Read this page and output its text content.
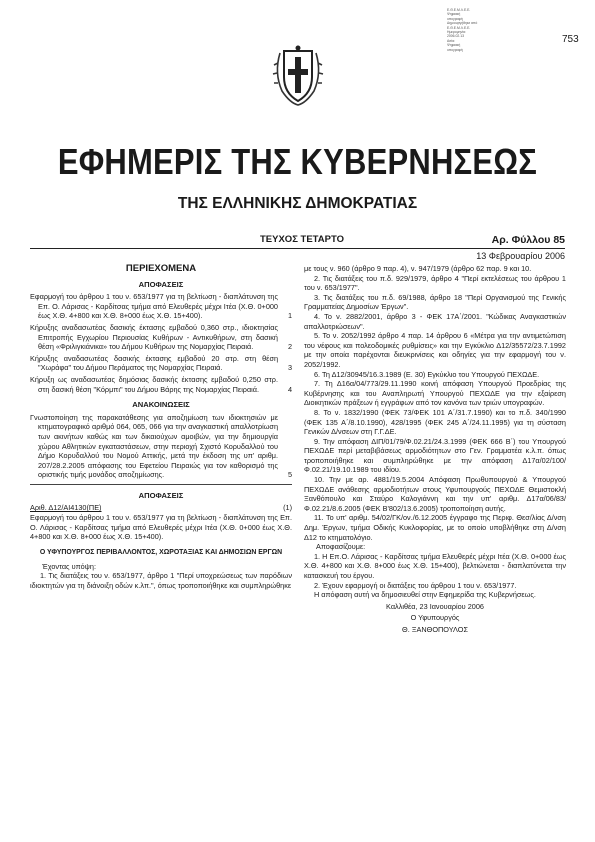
Ε.Θ.Ε.Μ.Λ.Ε.Ε.
Ψηφιακή
υπογραφή
Δημιουργήθηκε από
Ε.Θ.Ε.Μ.Λ.Ε.Ε.
Ημερομηνία:
2006.02.13
Αιτία:
Ψηφιακή
υπογραφή
753
ΕΦΗΜΕΡΙΣ ΤΗΣ ΚΥΒΕΡΝΗΣΕΩΣ
ΤΗΣ ΕΛΛΗΝΙΚΗΣ ΔΗΜΟΚΡΑΤΙΑΣ
ΤΕΥΧΟΣ ΤΕΤΑΡΤΟ	Αρ. Φύλλου 85
13 Φεβρουαρίου 2006
ΠΕΡΙΕΧΟΜΕΝΑ
ΑΠΟΦΑΣΕΙΣ
Εφαρμογή του άρθρου 1 του ν. 653/1977 για τη βελτίωση - διαπλάτυνση της Επ. Ο. Λάρισας - Καρδίτσας τμήμα από Ελευθερές μέχρι Ιτέα (Χ.Θ. 0+000 έως Χ.Θ. 4+800 και Χ.Θ. 8+000 έως Χ.Θ. 15+400).	1
Κήρυξης αναδασωτέας δασικής έκτασης εμβαδού 0,360 στρ., ιδιοκτησίας Επιτροπής Εγχωρίου Περιουσίας Κυθήρων - Αντικυθήρων, στη δασική θέση «Φριλιγκιάνικα» του Δήμου Κυθήρων της Νομαρχίας Πειραιά.	2
Κήρυξης αναδασωτέας δασικής έκτασης εμβαδού 20 στρ. στη θέση "Χωράφα" του Δήμου Περάματος της Νομαρχίας Πειραιά.	3
Κήρυξη ως αναδασωτέας δημόσιας δασικής έκτασης εμβαδού 0,250 στρ. στη δασική θέση "Κόρμπι" του Δήμου Βάρης της Νομαρχίας Πειραιά.	4
ΑΝΑΚΟΙΝΩΣΕΙΣ
Γνωστοποίηση της παρακατάθεσης για αποζημίωση των ιδιοκτησιών με κτηματογραφικό αριθμό 064, 065, 066 για την αναγκαστική απαλλοτρίωση των ακινήτων καθώς και των δικαιούχων αμοιβών, για την δημιουργία χώρου Αθλητικών εγκαταστάσεων, στην περιοχή Σχιστό Κορυδαλλού του Δήμο Κορυδαλλού του Νομού Αττικής, μετά την έκδοση της υπ' αριθμ. 207/28.2.2005 απόφασης του Εφετείου Πειραιώς για τον καθορισμό της οριστικής τιμής μονάδος αποζημίωσης.	5
ΑΠΟΦΑΣΕΙΣ
Αριθ. Δ12/ΑΙ4130(ΠΕ)	(1)

Εφαρμογή του άρθρου 1 του ν. 653/1977 για τη βελτίωση - διαπλάτυνση της Επ. Ο. Λάρισας - Καρδίτσας τμήμα από Ελευθερές μέχρι Ιτέα (Χ.Θ. 0+000 έως Χ.Θ. 4+800 και Χ.Θ. 8+000 έως Χ.Θ. 15+400).

Ο ΥΦΥΠΟΥΡΓΟΣ ΠΕΡΙΒΑΛΛΟΝΤΟΣ, ΧΩΡΟΤΑΞΙΑΣ ΚΑΙ ΔΗΜΟΣΙΩΝ ΕΡΓΩΝ

Έχοντας υπόψη:

1. Τις διατάξεις του ν. 653/1977, άρθρο 1 "Περί υποχρεώσεως των παρόδιων ιδιοκτητών για τη διάνοιξη οδών κ.λπ.", όπως τροποποιήθηκε και συμπληρώθηκε

με τους ν. 960 (άρθρο 9 παρ. 4), ν. 947/1979 (άρθρο 62 παρ. 9 και 10.

2. Τις διατάξεις του π.δ. 929/1979, άρθρο 4 "Περί εκτελέσεως του άρθρου 1 του ν. 653/1977".

3. Τις διατάξεις του π.δ. 69/1988, άρθρο 18 "Περί Οργανισμού της Γενικής Γραμματείας Δημοσίων Έργων".

4. Το ν. 2882/2001, άρθρο 3 - ΦΕΚ 17Α΄/2001. "Κώδικας Αναγκαστικών απαλλοτριώσεων".

5. Το ν. 2052/1992 άρθρο 4 παρ. 14 άρθρου 6 «Μέτρα για την αντιμετώπιση του νέφους και πολεοδομικές ρυθμίσεις» και την Εγκύκλιο Δ12/35572/23.7.1992 με την οποία παρέχονται διευκρινίσεις και οδηγίες για την εφαρμογή του ν. 2052/1992.

6. Τη Δ12/30945/16.3.1989 (Ε. 30) Εγκύκλιο του Υπουργού ΠΕΧΩΔΕ.

7. Τη Δ16α/04/773/29.11.1990 κοινή απόφαση Υπουργού Προεδρίας της Κυβέρνησης και του Αναπληρωτή Υπουργού ΠΕΧΩΔΕ για την εξαίρεση Διοικητικών πράξεων ή εγγράφων από τον κανόνα των τριών υπογραφών.

8. Το ν. 1832/1990 (ΦΕΚ 73/ΦΕΚ 101 Α΄/31.7.1990) και το π.δ. 340/1990 (ΦΕΚ 135 Α΄/8.10.1990), 428/1995 (ΦΕΚ 245 Α΄/24.11.1995) για τη σύσταση Γενικών Δ/νσεων στη Γ.Γ.ΔΕ.

9. Την απόφαση ΔΙΠ/01/79/Φ.02.21/24.3.1999 (ΦΕΚ 666 Β΄) του Υπουργού ΠΕΧΩΔΕ περί μεταβιβάσεως αρμοδιότητων στο Γεν. Γραμματέα κ.λ.π. όπως τροποποιήθηκε και συμπληρώθηκε με την απόφαση Δ17α/02/100/Φ.02.21/19.10.1989 του ιδίου.

10. Την με αρ. 4881/19.5.2004 Απόφαση Πρωθυπουργού & Υπουργού ΠΕΧΩΔΕ ανάθεσης αρμοδιοτήτων στους Υφυπουργούς ΠΕΧΩΔΕ Θεμιστοκλή Ξανθόπουλο και Σταύρο Καλογιάννη και την υπ' αριθμ. Δ17α/06/83/Φ.02.21/8.6.2005 (ΦΕΚ Β'802/13.6.2005) τροποποίηση αυτής.

11. Το υπ' αριθμ. 54/02/ΓΚ/ον./6.12.2005 έγγραφο της Περιφ. Θεσ/λίας Δ/νση Δημ. Έργων, τμήμα Οδικής Κυκλοφορίας, με το οποίο υποβλήθηκε στη Δ/νση Δ12 το κτηματολόγιο.

Αποφασίζουμε:

1. Η Επ.Ο. Λάρισας - Καρδίτσας τμήμα Ελευθερές μέχρι Ιτέα (Χ.Θ. 0+000 έως Χ.Θ. 4+800 και Χ.Θ. 8+000 έως Χ.Θ. 15+400), βελτιώνεται - διαπλατύνεται την κατασκευή του έργου.

2. Έχουν εφαρμογή οι διατάξεις του άρθρου 1 του ν. 653/1977.

Η απόφαση αυτή να δημοσιευθεί στην Εφημερίδα της Κυβερνήσεως.

Καλλιθέα, 23 Ιανουαρίου 2006
Ο Υφυπουργός
Θ. ΞΑΝΘΟΠΟΥΛΟΣ
